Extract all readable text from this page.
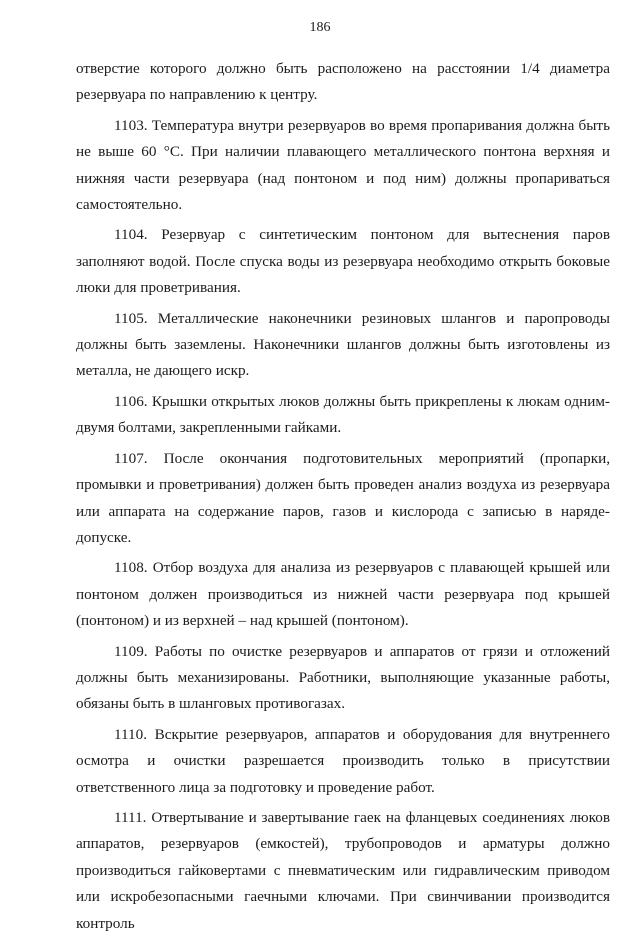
186

отверстие которого должно быть расположено на расстоянии 1/4 диаметра резервуара по направлению к центру.

1103. Температура внутри резервуаров во время пропаривания должна быть не выше 60 °С. При наличии плавающего металлического понтона верхняя и нижняя части резервуара (над понтоном и под ним) должны пропариваться самостоятельно.

1104. Резервуар с синтетическим понтоном для вытеснения паров заполняют водой. После спуска воды из резервуара необходимо открыть боковые люки для проветривания.

1105. Металлические наконечники резиновых шлангов и паропроводы должны быть заземлены. Наконечники шлангов должны быть изготовлены из металла, не дающего искр.

1106. Крышки открытых люков должны быть прикреплены к люкам одним-двумя болтами, закрепленными гайками.

1107. После окончания подготовительных мероприятий (пропарки, промывки и проветривания) должен быть проведен анализ воздуха из резервуара или аппарата на содержание паров, газов и кислорода с записью в наряде-допуске.

1108. Отбор воздуха для анализа из резервуаров с плавающей крышей или понтоном должен производиться из нижней части резервуара под крышей (понтоном) и из верхней – над крышей (понтоном).

1109. Работы по очистке резервуаров и аппаратов от грязи и отложений должны быть механизированы. Работники, выполняющие указанные работы, обязаны быть в шланговых противогазах.

1110. Вскрытие резервуаров, аппаратов и оборудования для внутреннего осмотра и очистки разрешается производить только в присутствии ответственного лица за подготовку и проведение работ.

1111. Отвертывание и завертывание гаек на фланцевых соединениях люков аппаратов, резервуаров (емкостей), трубопроводов и арматуры должно производиться гайковертами с пневматическим или гидравлическим приводом или искробезопасными гаечными ключами. При свинчивании производится контроль
